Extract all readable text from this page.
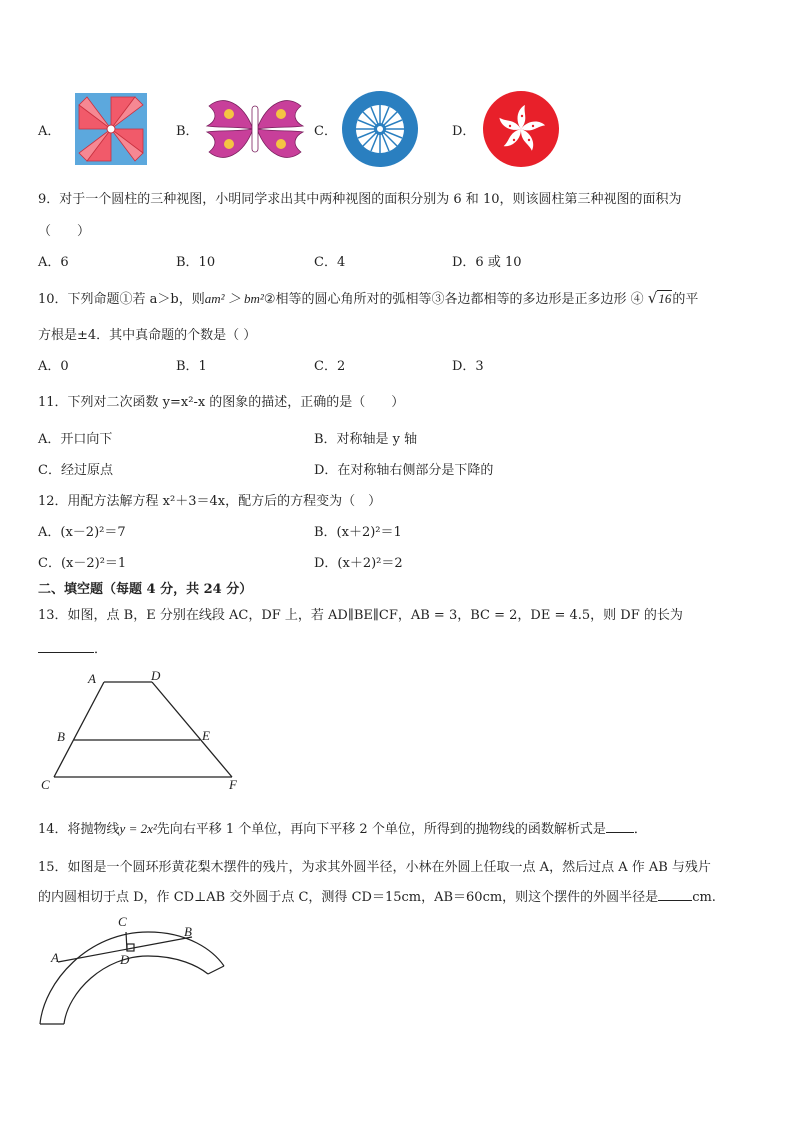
A．	B．	C．	D．
9．对于一个圆柱的三种视图，小明同学求出其中两种视图的面积分别为 6 和 10，则该圆柱第三种视图的面积为
（　　）
A．6	B．10	C．4	D．6 或 10
10．下列命题①若 a＞b，则am² ＞ bm²②相等的圆心角所对的弧相等③各边都相等的多边形是正多边形 ④ √16的平
方根是±4．其中真命题的个数是（ ）
A．0	B．1	C．2	D．3
11．下列对二次函数 y=x²-x 的图象的描述，正确的是（　　）
A．开口向下	B．对称轴是 y 轴
C．经过原点	D．在对称轴右侧部分是下降的
12．用配方法解方程 x²＋3＝4x，配方后的方程变为（　）
A．(x－2)²＝7	B．(x＋2)²＝1
C．(x－2)²＝1	D．(x＋2)²＝2
二、填空题（每题 4 分，共 24 分）
13．如图，点 B，E 分别在线段 AC，DF 上，若 AD∥BE∥CF，AB = 3，BC = 2，DE = 4.5，则 DF 的长为
．
A	D
B	E
C	F
14．将抛物线y = 2x²先向右平移 1 个单位，再向下平移 2 个单位，所得到的抛物线的函数解析式是 ．
15．如图是一个圆环形黄花梨木摆件的残片，为求其外圆半径，小林在外圆上任取一点 A，然后过点 A 作 AB 与残片
的内圆相切于点 D，作 CD⊥AB 交外圆于点 C，测得 CD＝15cm，AB＝60cm，则这个摆件的外圆半径是	cm.
A
B
C
D
